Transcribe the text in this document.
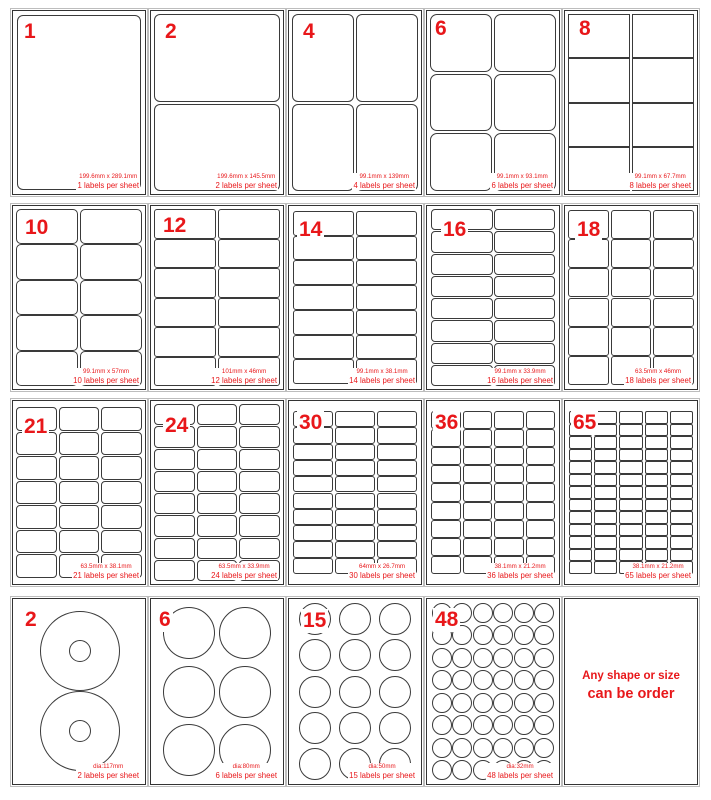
1
199.6mm x 289.1mm
1 labels per sheet
2
199.6mm x 145.5mm
2 labels per sheet
4
99.1mm x 139mm
4 labels per sheet
6
99.1mm x 93.1mm
6 labels per sheet
8
99.1mm x 67.7mm
8 labels per sheet
10
99.1mm x 57mm
10 labels per sheet
12
101mm x 46mm
12 labels per sheet
14
99.1mm x 38.1mm
14 labels per sheet
16
99.1mm x 33.9mm
16 labels per sheet
18
63.5mm x 46mm
18 labels per sheet
21
63.5mm x 38.1mm
21 labels per sheet
24
63.5mm x 33.9mm
24 labels per sheet
30
64mm x 26.7mm
30 labels per sheet
36
38.1mm x 21.2mm
36 labels per sheet
65
38.1mm x 21.2mm
65 labels per sheet
2
dia:117mm
2 labels per sheet
6
dia:80mm
6 labels per sheet
15
dia:50mm
15 labels per sheet
48
dia:32mm
48 labels per sheet
Any shape or size
can be order
